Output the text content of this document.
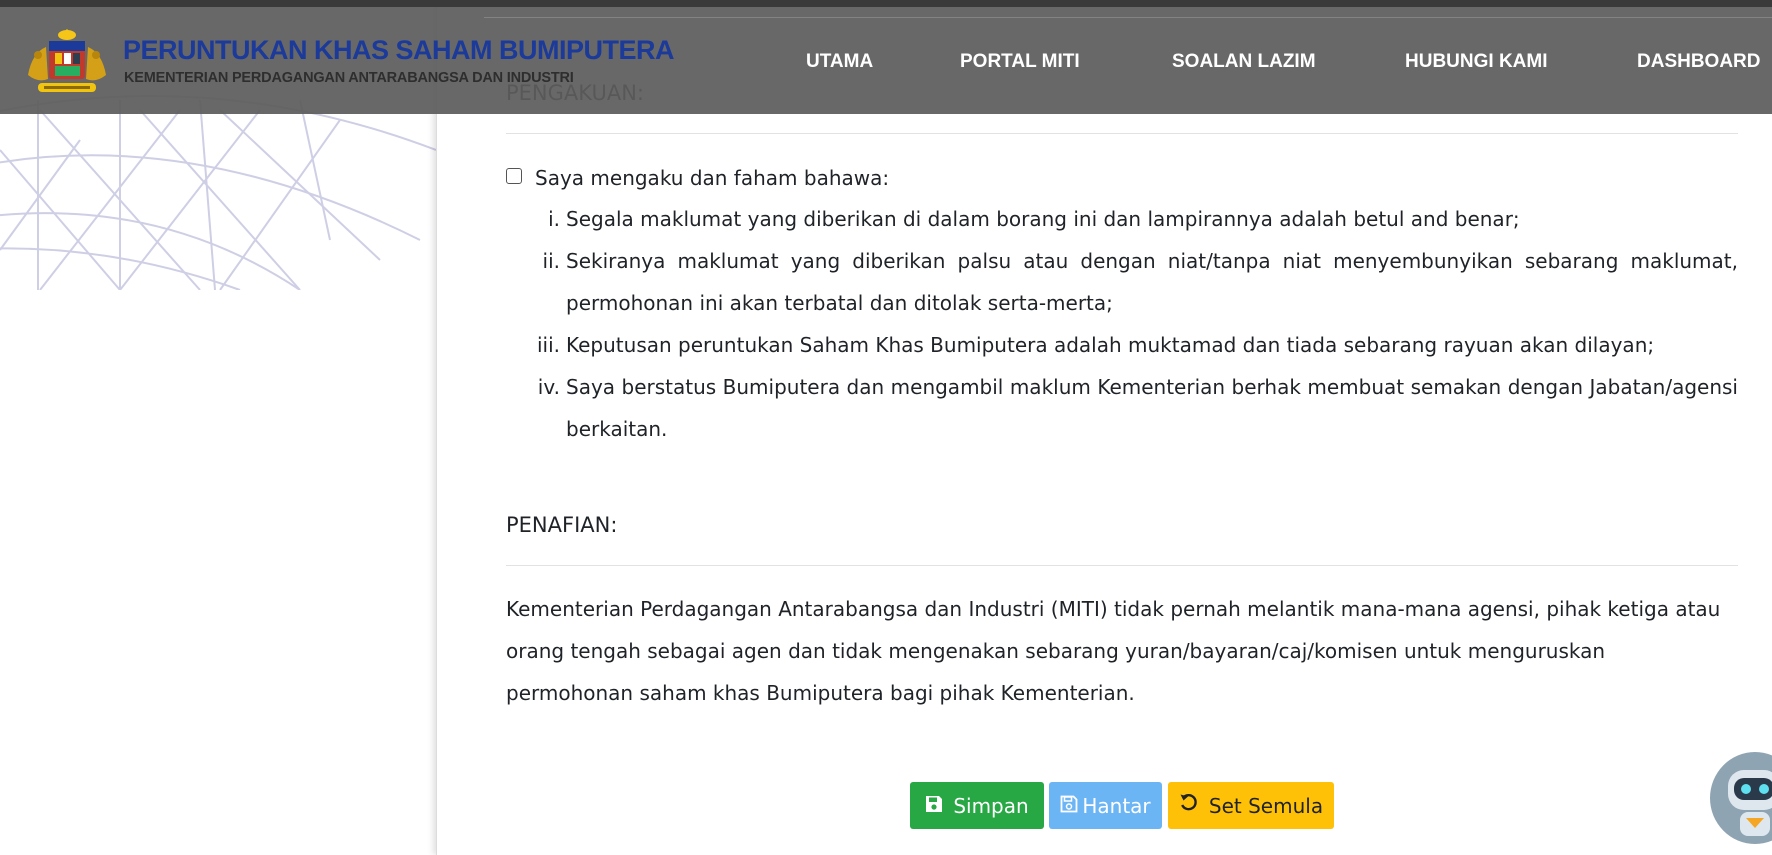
PERUNTUKAN KHAS SAHAM BUMIPUTERA
KEMENTERIAN PERDAGANGAN ANTARABANGSA DAN INDUSTRI
UTAMA	PORTAL MITI	SOALAN LAZIM	HUBUNGI KAMI	DASHBOARD
Saya mengaku dan faham bahawa:
i. Segala maklumat yang diberikan di dalam borang ini dan lampirannya adalah betul and benar;
ii. Sekiranya maklumat yang diberikan palsu atau dengan niat/tanpa niat menyembunyikan sebarang maklumat, permohonan ini akan terbatal dan ditolak serta-merta;
iii. Keputusan peruntukan Saham Khas Bumiputera adalah muktamad dan tiada sebarang rayuan akan dilayan;
iv. Saya berstatus Bumiputera dan mengambil maklum Kementerian berhak membuat semakan dengan Jabatan/agensi berkaitan.
PENAFIAN:
Kementerian Perdagangan Antarabangsa dan Industri (MITI) tidak pernah melantik mana-mana agensi, pihak ketiga atau orang tengah sebagai agen dan tidak mengenakan sebarang yuran/bayaran/caj/komisen untuk menguruskan permohonan saham khas Bumiputera bagi pihak Kementerian.
Simpan	Hantar	Set Semula
